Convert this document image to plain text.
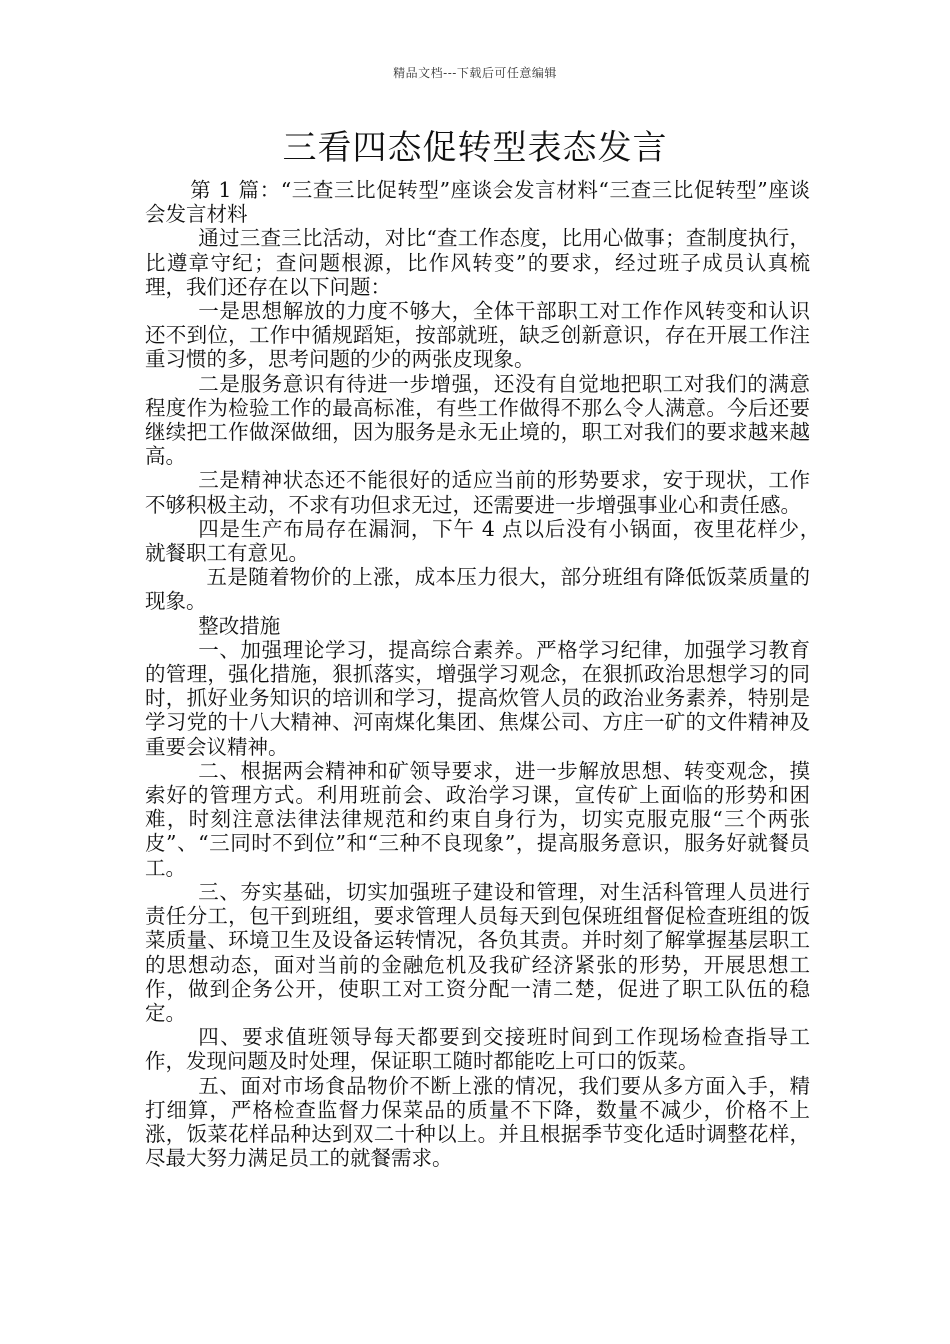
精品文档---下载后可任意编辑
三看四态促转型表态发言

第 1 篇：“三查三比促转型”座谈会发言材料“三查三比促转型”座谈会发言材料

通过三查三比活动，对比“查工作态度，比用心做事；查制度执行，比遵章守纪；查问题根源，比作风转变”的要求，经过班子成员认真梳理，我们还存在以下问题：

一是思想解放的力度不够大，全体干部职工对工作作风转变和认识还不到位，工作中循规蹈矩，按部就班，缺乏创新意识，存在开展工作注重习惯的多，思考问题的少的两张皮现象。

二是服务意识有待进一步增强，还没有自觉地把职工对我们的满意程度作为检验工作的最高标准，有些工作做得不那么令人满意。今后还要继续把工作做深做细，因为服务是永无止境的，职工对我们的要求越来越高。

三是精神状态还不能很好的适应当前的形势要求，安于现状，工作不够积极主动，不求有功但求无过，还需要进一步增强事业心和责任感。

四是生产布局存在漏洞，下午 4 点以后没有小锅面，夜里花样少，　就餐职工有意见。

五是随着物价的上涨，成本压力很大，部分班组有降低饭菜质量的现象。

整改措施

一、加强理论学习，提高综合素养。严格学习纪律，加强学习教育的管理，强化措施，狠抓落实，增强学习观念，在狠抓政治思想学习的同时，抓好业务知识的培训和学习，提高炊管人员的政治业务素养，特别是学习党的十八大精神、河南煤化集团、焦煤公司、方庄一矿的文件精神及重要会议精神。

二、根据两会精神和矿领导要求，进一步解放思想、转变观念，摸索好的管理方式。利用班前会、政治学习课，宣传矿上面临的形势和困难，时刻注意法律法律规范和约束自身行为，切实克服克服“三个两张皮”、“三同时不到位”和“三种不良现象”，提高服务意识，服务好就餐员工。

三、夯实基础，切实加强班子建设和管理，对生活科管理人员进行责任分工，包干到班组，要求管理人员每天到包保班组督促检查班组的饭菜质量、环境卫生及设备运转情况，各负其责。并时刻了解掌握基层职工的思想动态，面对当前的金融危机及我矿经济紧张的形势，开展思想工作，做到企务公开，使职工对工资分配一清二楚，促进了职工队伍的稳定。

四、要求值班领导每天都要到交接班时间到工作现场检查指导工作，发现问题及时处理，保证职工随时都能吃上可口的饭菜。

五、面对市场食品物价不断上涨的情况，我们要从多方面入手，精打细算，严格检查监督力保菜品的质量不下降，数量不减少，价格不上涨，饭菜花样品种达到双二十种以上。并且根据季节变化适时调整花样，尽最大努力满足员工的就餐需求。
